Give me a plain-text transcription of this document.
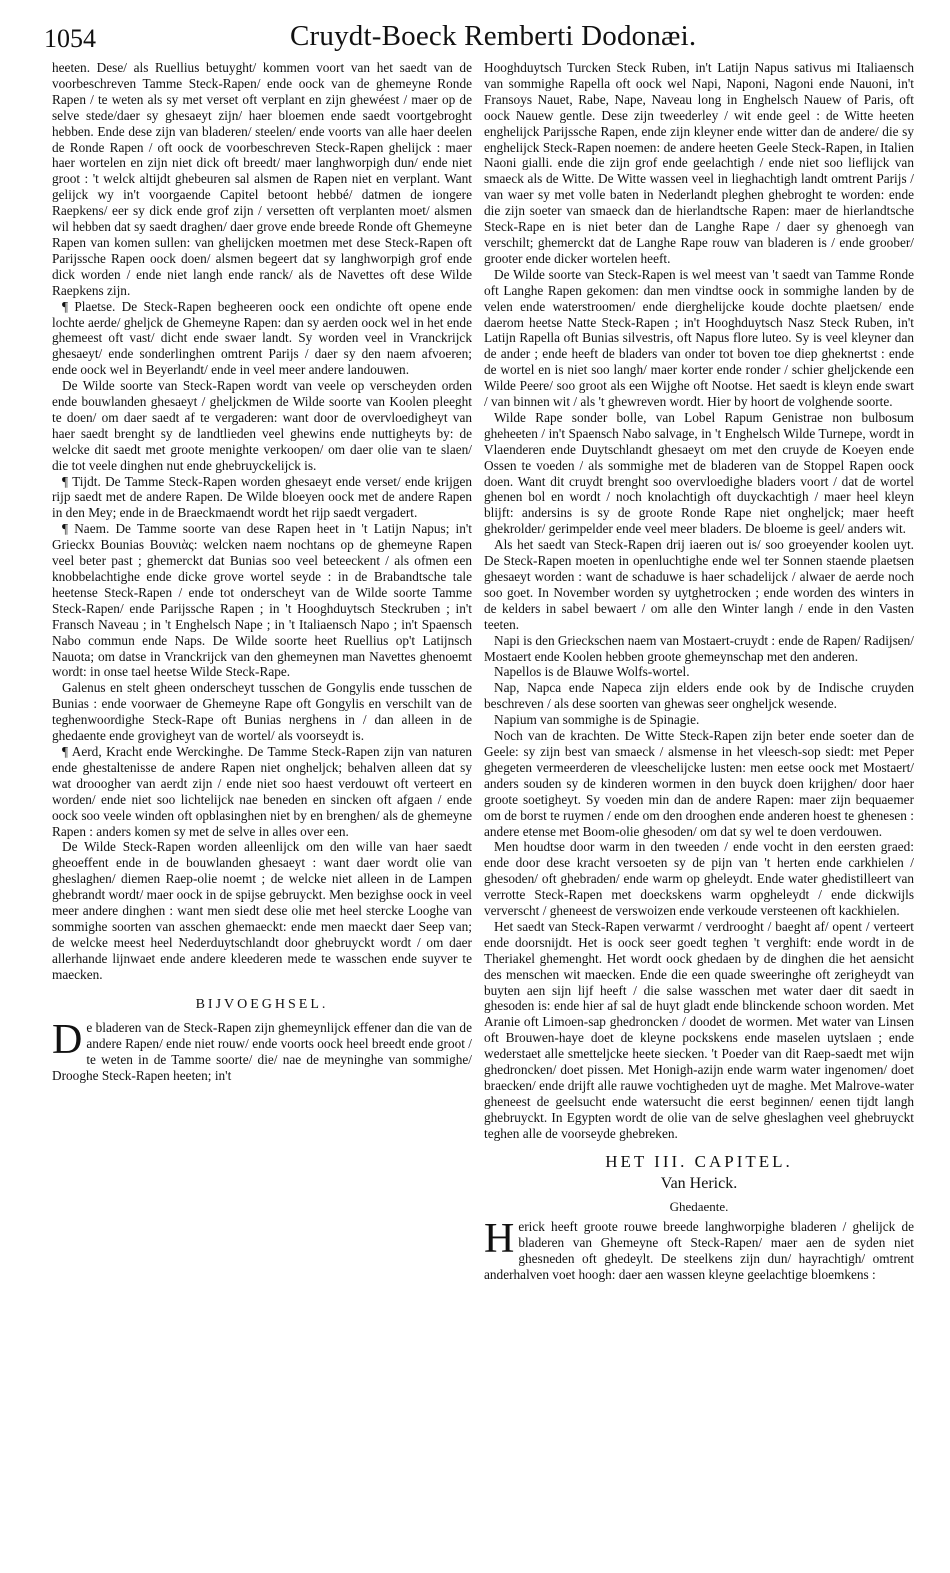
1054	Cruydt-Boeck Remberti Dodonæi.

heeten. Dese/ als Ruellius betuyght/ kommen voort van het saedt van de voorbeschreven Tamme Steck-Rapen/ ende oock van de ghemeyne Ronde Rapen / te weten als sy met verset oft verplant en zijn ghewéest / maer op de selve stede/daer sy ghesaeyt zijn/ haer bloemen ende saedt voortgebroght hebben. Ende dese zijn van bladeren/ steelen/ ende voorts van alle haer deelen de Ronde Rapen / oft oock de voorbeschreven Steck-Rapen ghelijck : maer haer wortelen en zijn niet dick oft breedt/ maer langhworpigh dun/ ende niet groot : 't welck altijdt ghebeuren sal alsmen de Rapen niet en verplant. Want gelijck wy in't voorgaende Capitel betoont hebbé/ datmen de iongere Raepkens/ eer sy dick ende grof zijn / versetten oft verplanten moet/ alsmen wil hebben dat sy saedt draghen/ daer grove ende breede Ronde oft Ghemeyne Rapen van komen sullen: van ghelijcken moetmen met dese Steck-Rapen oft Parijssche Rapen oock doen/ alsmen begeert dat sy langhworpigh grof ende dick worden / ende niet langh ende ranck/ als de Navettes oft dese Wilde Raepkens zijn.

¶ Plaetse. De Steck-Rapen begheeren oock een ondichte oft opene ende lochte aerde/ gheljck de Ghemeyne Rapen: dan sy aerden oock wel in het ende ghemeest oft vast/ dicht ende swaer landt. Sy worden veel in Vranckrijck ghesaeyt/ ende sonderlinghen omtrent Parijs / daer sy den naem afvoeren; ende oock wel in Beyerlandt/ ende in veel meer andere landouwen.

De Wilde soorte van Steck-Rapen wordt van veele op verscheyden orden ende bouwlanden ghesaeyt / gheljckmen de Wilde soorte van Koolen pleeght te doen/ om daer saedt af te vergaderen: want door de overvloedigheyt van haer saedt brenght sy de landtlieden veel ghewins ende nuttigheyts by: de welcke dit saedt met groote menighte verkoopen/ om daer olie van te slaen/ die tot veele dinghen nut ende ghebruyckelijck is.

¶ Tijdt. De Tamme Steck-Rapen worden ghesaeyt ende verset/ ende krijgen rijp saedt met de andere Rapen. De Wilde bloeyen oock met de andere Rapen in den Mey; ende in de Braeckmaendt wordt het rijp saedt vergadert.

¶ Naem. De Tamme soorte van dese Rapen heet in 't Latijn Napus; in't Grieckx Bounias Βουνιὰς: welcken naem nochtans op de ghemeyne Rapen veel beter past ; ghemerckt dat Bunias soo veel beteeckent / als ofmen een knobbelachtighe ende dicke grove wortel seyde : in de Brabandtsche tale heetense Steck-Rapen / ende tot onderscheyt van de Wilde soorte Tamme Steck-Rapen/ ende Parijssche Rapen ; in 't Hooghduytsch Steckruben ; in't Fransch Naveau ; in 't Enghelsch Nape ; in 't Italiaensch Napo ; in't Spaensch Nabo commun ende Naps. De Wilde soorte heet Ruellius op't Latijnsch Nauota; om datse in Vranckrijck van den ghemeynen man Navettes ghenoemt wordt: in onse tael heetse Wilde Steck-Rape.

Galenus en stelt gheen onderscheyt tusschen de Gongylis ende tusschen de Bunias : ende voorwaer de Ghemeyne Rape oft Gongylis en verschilt van de teghenwoordighe Steck-Rape oft Bunias nerghens in / dan alleen in de ghedaente ende grovigheyt van de wortel/ als voorseydt is.

¶ Aerd, Kracht ende Werckinghe. De Tamme Steck-Rapen zijn van naturen ende ghestaltenisse de andere Rapen niet ongheljck; behalven alleen dat sy wat drooogher van aerdt zijn / ende niet soo haest verdouwt oft verteert en worden/ ende niet soo lichtelijck nae beneden en sincken oft afgaen / ende oock soo veele winden oft opblasinghen niet by en brenghen/ als de ghemeyne Rapen : anders komen sy met de selve in alles over een.

De Wilde Steck-Rapen worden alleenlijck om den wille van haer saedt gheoeffent ende in de bouwlanden ghesaeyt : want daer wordt olie van gheslaghen/ diemen Raep-olie noemt ; de welcke niet alleen in de Lampen ghebrandt wordt/ maer oock in de spijse gebruyckt. Men bezighse oock in veel meer andere dinghen : want men siedt dese olie met heel stercke Looghe van sommighe soorten van asschen ghemaeckt: ende men maeckt daer Seep van; de welcke meest heel Nederduytschlandt door ghebruyckt wordt / om daer allerhande lijnwaet ende andere kleederen mede te wasschen ende suyver te maecken.

BIJVOEGHSEL.

De bladeren van de Steck-Rapen zijn ghemeynlijck effener dan die van de andere Rapen/ ende niet rouw/ ende voorts oock heel breedt ende groot / te weten in de Tamme soorte/ die/ nae de meyninghe van sommighe/ Drooghe Steck-Rapen heeten; in't

Hooghduytsch Turcken Steck Ruben, in't Latijn Napus sativus mi Italiaensch van sommighe Rapella oft oock wel Napi, Naponi, Nagoni ende Nauoni, in't Fransoys Nauet, Rabe, Nape, Naveau long in Enghelsch Nauew of Paris, oft oock Nauew gentle. Dese zijn tweederley / wit ende geel : de Witte heeten enghelijck Parijssche Rapen, ende zijn kleyner ende witter dan de andere/ die sy enghelijck Steck-Rapen noemen: de andere heeten Geele Steck-Rapen, in Italien Naoni gialli. ende die zijn grof ende geelachtigh / ende niet soo lieflijck van smaeck als de Witte. De Witte wassen veel in lieghachtigh landt omtrent Parijs / van waer sy met volle baten in Nederlandt pleghen ghebroght te worden: ende die zijn soeter van smaeck dan de hierlandtsche Rapen: maer de hierlandtsche Steck-Rape en is niet beter dan de Langhe Rape / daer sy ghenoegh van verschilt; ghemerckt dat de Langhe Rape rouw van bladeren is / ende groober/ grooter ende dicker wortelen heeft.

De Wilde soorte van Steck-Rapen is wel meest van 't saedt van Tamme Ronde oft Langhe Rapen gekomen: dan men vindtse oock in sommighe landen by de velen ende waterstroomen/ ende dierghelijcke koude dochte plaetsen/ ende daerom heetse Natte Steck-Rapen ; in't Hooghduytsch Nasz Steck Ruben, in't Latijn Rapella oft Bunias silvestris, oft Napus flore luteo. Sy is veel kleyner dan de ander ; ende heeft de bladers van onder tot boven toe diep gheknertst : ende de wortel en is niet soo langh/ maer korter ende ronder / schier gheljckende een Wilde Peere/ soo groot als een Wijghe oft Nootse. Het saedt is kleyn ende swart / van binnen wit / als 't ghewreven wordt. Hier by hoort de volghende soorte.

Wilde Rape sonder bolle, van Lobel Rapum Genistrae non bulbosum gheheeten / in't Spaensch Nabo salvage, in 't Enghelsch Wilde Turnepe, wordt in Vlaenderen ende Duytschlandt ghesaeyt om met den cruyde de Koeyen ende Ossen te voeden / als sommighe met de bladeren van de Stoppel Rapen oock doen. Want dit cruydt brenght soo overvloedighe bladers voort / dat de wortel ghenen bol en wordt / noch knolachtigh oft duyckachtigh / maer heel kleyn blijft: andersins is sy de groote Ronde Rape niet ongheljck; maer heeft ghekrolder/ gerimpelder ende veel meer bladers. De bloeme is geel/ anders wit.

Als het saedt van Steck-Rapen drij iaeren out is/ soo groeyender koolen uyt. De Steck-Rapen moeten in openluchtighe ende wel ter Sonnen staende plaetsen ghesaeyt worden : want de schaduwe is haer schadelijck / alwaer de aerde noch soo goet. In November worden sy uytghetrocken ; ende worden des winters in de kelders in sabel bewaert / om alle den Winter langh / ende in den Vasten teeten.

Napi is den Grieckschen naem van Mostaert-cruydt : ende de Rapen/ Radijsen/ Mostaert ende Koolen hebben groote ghemeynschap met den anderen.

Napellos is de Blauwe Wolfs-wortel.

Nap, Napca ende Napeca zijn elders ende ook by de Indische cruyden beschreven / als dese soorten van ghewas seer ongheljck wesende.

Napium van sommighe is de Spinagie.

Noch van de krachten. De Witte Steck-Rapen zijn beter ende soeter dan de Geele: sy zijn best van smaeck / alsmense in het vleesch-sop siedt: met Peper ghegeten vermeerderen de vleeschelijcke lusten: men eetse oock met Mostaert/ anders souden sy de kinderen wormen in den buyck doen krijghen/ door haer groote soetigheyt. Sy voeden min dan de andere Rapen: maer zijn bequaemer om de borst te ruymen / ende om den drooghen ende anderen hoest te ghenesen : andere etense met Boom-olie ghesoden/ om dat sy wel te doen verdouwen.

Men houdtse door warm in den tweeden / ende vocht in den eersten graed: ende door dese kracht versoeten sy de pijn van 't herten ende carkhielen / ghesoden/ oft ghebraden/ ende warm op gheleydt. Ende water ghedistilleert van verrotte Steck-Rapen met doeckskens warm opgheleydt / ende dickwijls ververscht / gheneest de verswoizen ende verkoude versteenen oft kackhielen.

Het saedt van Steck-Rapen verwarmt / verdrooght / baeght af/ opent / verteert ende doorsnijdt. Het is oock seer goedt teghen 't verghift: ende wordt in de Theriakel ghemenght. Het wordt oock ghedaen by de dinghen die het aensicht des menschen wit maecken. Ende die een quade sweeringhe oft zerigheydt van buyten aen sijn lijf heeft / die salse wasschen met water daer dit saedt in ghesoden is: ende hier af sal de huyt gladt ende blinckende schoon worden. Met Aranie oft Limoen-sap ghedroncken / doodet de wormen. Met water van Linsen oft Brouwen-haye doet de kleyne pockskens ende maselen uytslaen ; ende wederstaet alle smetteljcke heete siecken. 't Poeder van dit Raep-saedt met wijn ghedroncken/ doet pissen. Met Honigh-azijn ende warm water ingenomen/ doet braecken/ ende drijft alle rauwe vochtigheden uyt de maghe. Met Malrove-water gheneest de geelsucht ende watersucht die eerst beginnen/ eenen tijdt langh ghebruyckt. In Egypten wordt de olie van de selve gheslaghen veel ghebruyckt teghen alle de voorseyde ghebreken.

HET III. CAPITEL.
Van Herick.
Ghedaente.

Herick heeft groote rouwe breede langhworpighe bladeren / ghelijck de bladeren van Ghemeyne oft Steck-Rapen/ maer aen de syden niet ghesneden oft ghedeylt. De steelkens zijn dun/ hayrachtigh/ omtrent anderhalven voet hoogh: daer aen wassen kleyne geelachtige bloemkens :
